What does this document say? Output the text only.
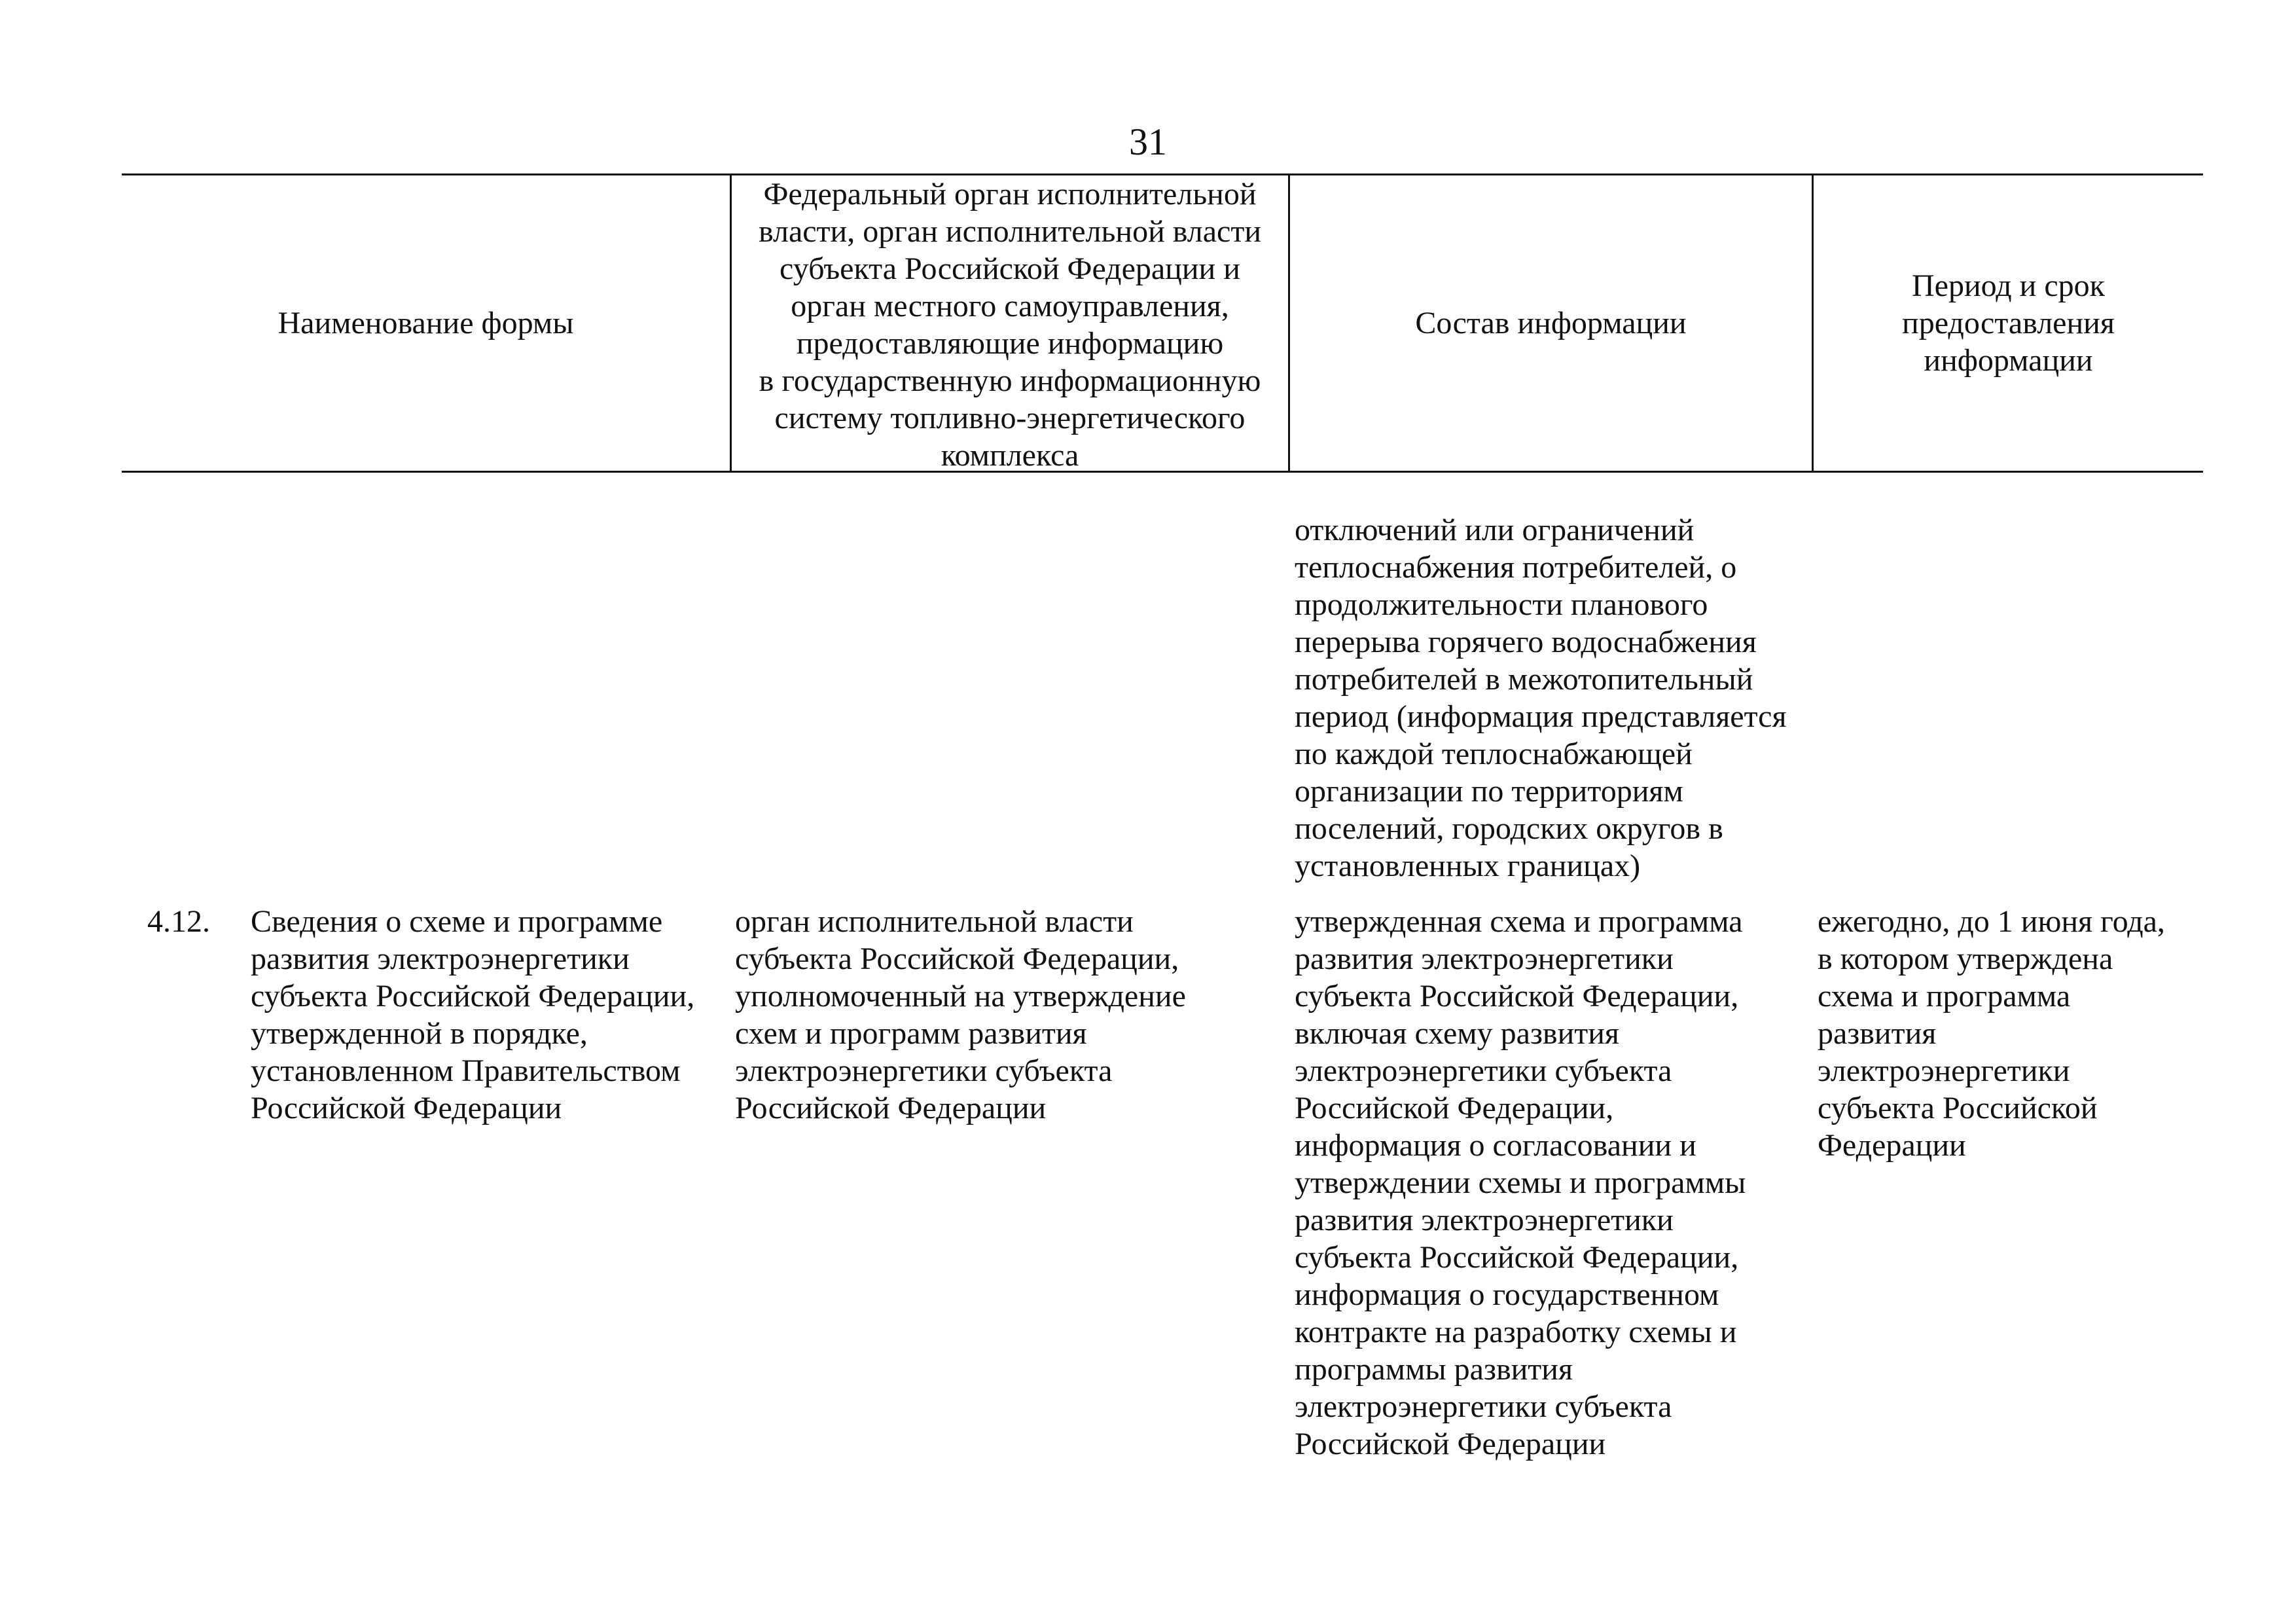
31
Наименование формы
Федеральный орган исполнительной
власти, орган исполнительной власти
субъекта Российской Федерации и
орган местного самоуправления,
предоставляющие информацию
в государственную информационную
систему топливно-энергетического
комплекса
Состав информации
Период и срок
предоставления
информации
отключений или ограничений
теплоснабжения потребителей, о
продолжительности планового
перерыва горячего водоснабжения
потребителей в межотопительный
период (информация представляется
по каждой теплоснабжающей
организации по территориям
поселений, городских округов в
установленных границах)
4.12.	Сведения о схеме и программе
развития электроэнергетики
субъекта Российской Федерации,
утвержденной в порядке,
установленном Правительством
Российской Федерации
орган исполнительной власти
субъекта Российской Федерации,
уполномоченный на утверждение
схем и программ развития
электроэнергетики субъекта
Российской Федерации
утвержденная схема и программа
развития электроэнергетики
субъекта Российской Федерации,
включая схему развития
электроэнергетики субъекта
Российской Федерации,
информация о согласовании и
утверждении схемы и программы
развития электроэнергетики
субъекта Российской Федерации,
информация о государственном
контракте на разработку схемы и
программы развития
электроэнергетики субъекта
Российской Федерации
ежегодно, до 1 июня года,
в котором утверждена
схема и программа
развития
электроэнергетики
субъекта Российской
Федерации
